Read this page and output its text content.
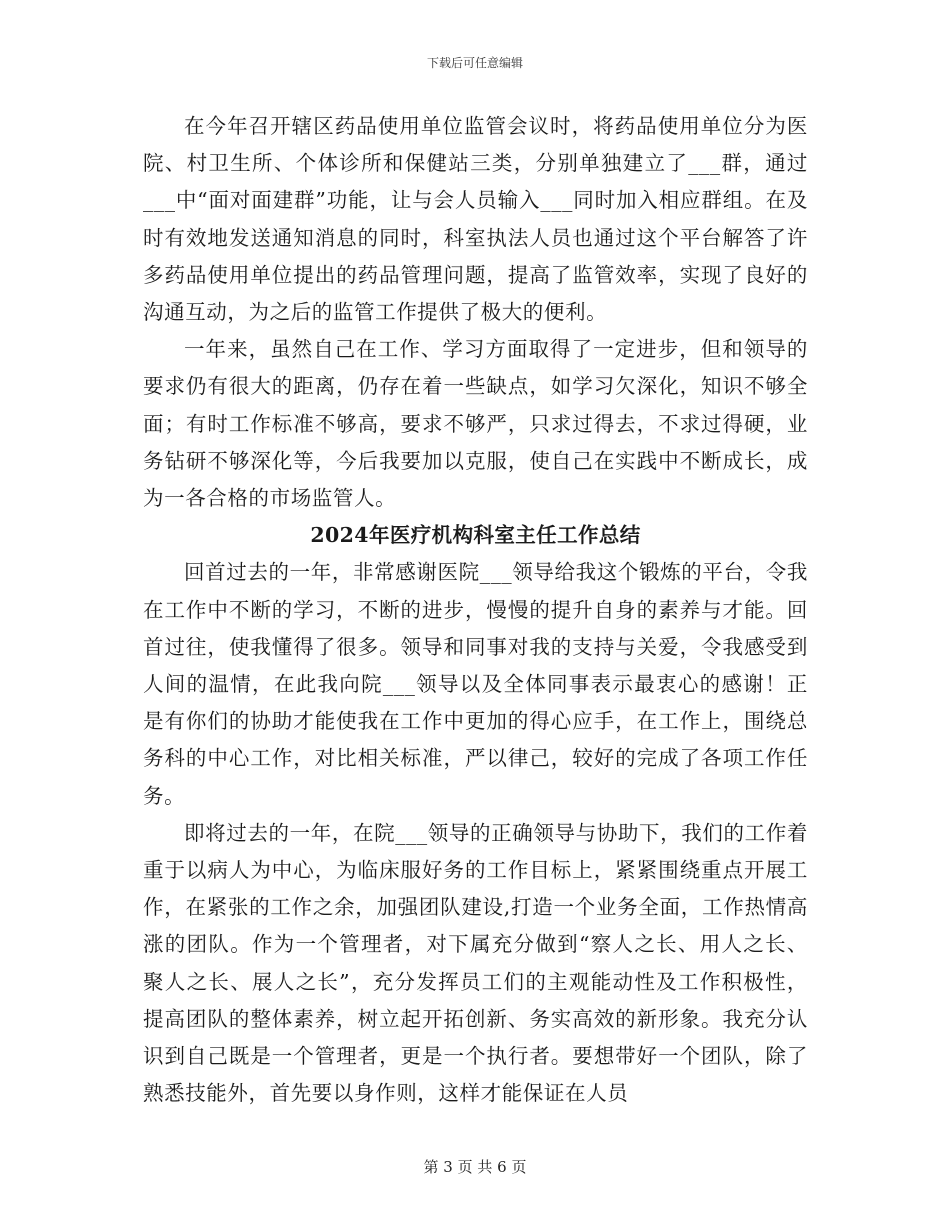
下载后可任意编辑

在今年召开辖区药品使用单位监管会议时，将药品使用单位分为医院、村卫生所、个体诊所和保健站三类，分别单独建立了___群，通过___中“面对面建群”功能，让与会人员输入___同时加入相应群组。在及时有效地发送通知消息的同时，科室执法人员也通过这个平台解答了许多药品使用单位提出的药品管理问题，提高了监管效率，实现了良好的沟通互动，为之后的监管工作提供了极大的便利。

一年来，虽然自己在工作、学习方面取得了一定进步，但和领导的要求仍有很大的距离，仍存在着一些缺点，如学习欠深化，知识不够全面；有时工作标准不够高，要求不够严，只求过得去，不求过得硬，业务钻研不够深化等，今后我要加以克服，使自己在实践中不断成长，成为一各合格的市场监管人。

2024年医疗机构科室主任工作总结

回首过去的一年，非常感谢医院___领导给我这个锻炼的平台，令我在工作中不断的学习，不断的进步，慢慢的提升自身的素养与才能。回首过往，使我懂得了很多。领导和同事对我的支持与关爱，令我感受到人间的温情，在此我向院___领导以及全体同事表示最衷心的感谢！正是有你们的协助才能使我在工作中更加的得心应手，在工作上，围绕总务科的中心工作，对比相关标准，严以律己，较好的完成了各项工作任务。

即将过去的一年，在院___领导的正确领导与协助下，我们的工作着重于以病人为中心，为临床服好务的工作目标上，紧紧围绕重点开展工作，在紧张的工作之余，加强团队建设,打造一个业务全面，工作热情高涨的团队。作为一个管理者，对下属充分做到“察人之长、用人之长、聚人之长、展人之长”，充分发挥员工们的主观能动性及工作积极性，提高团队的整体素养，树立起开拓创新、务实高效的新形象。我充分认识到自己既是一个管理者，更是一个执行者。要想带好一个团队，除了熟悉技能外，首先要以身作则，这样才能保证在人员

第 3 页 共 6 页
